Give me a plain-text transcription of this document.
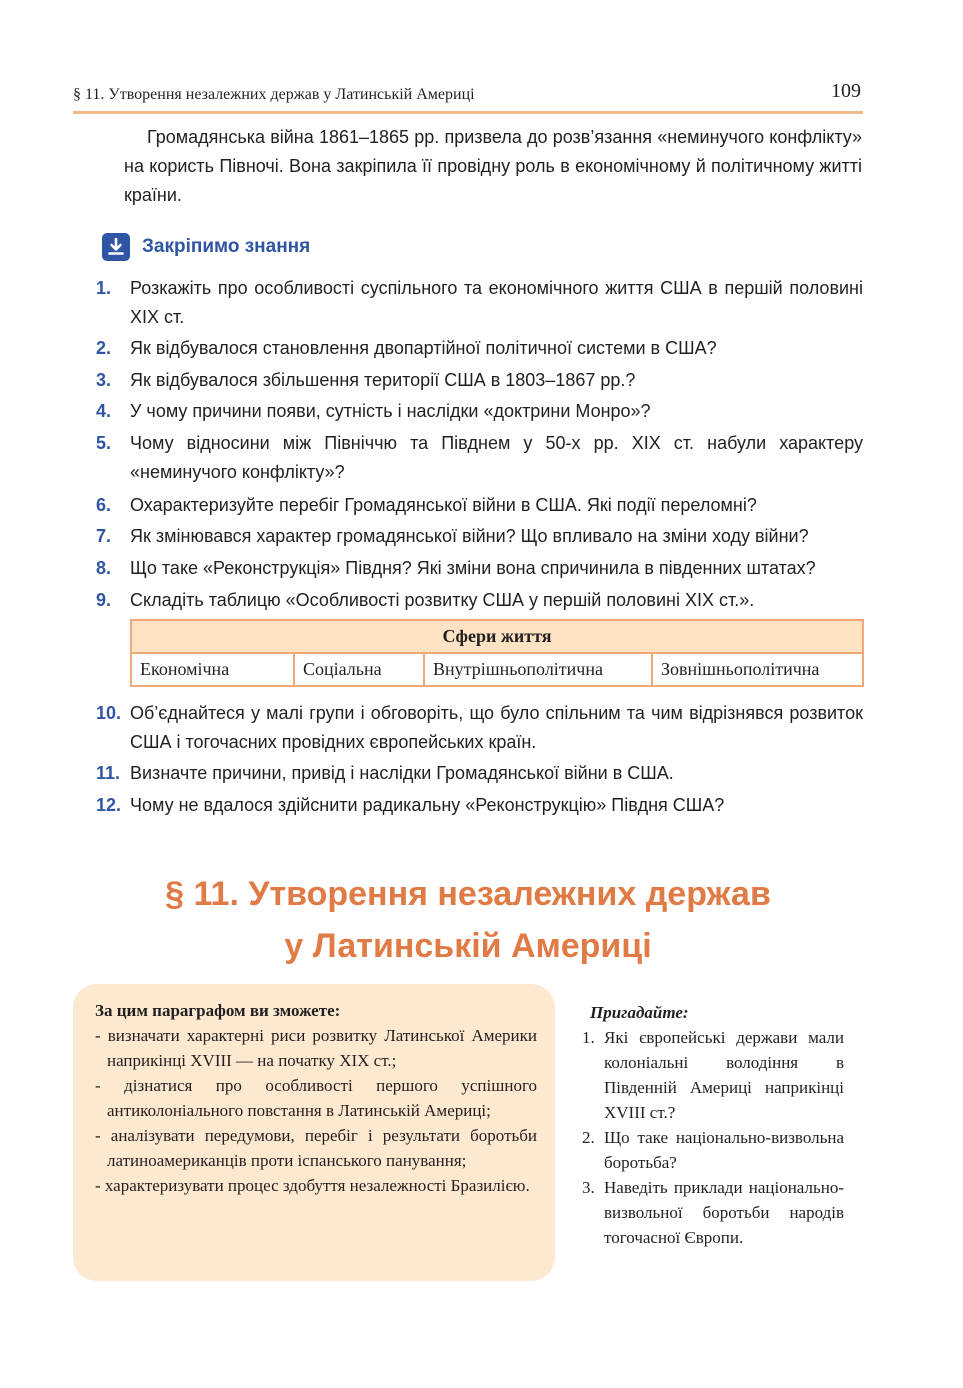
§ 11. Утворення незалежних держав у Латинській Америці	109

Громадянська війна 1861–1865 рр. призвела до розв’язання «неминучого конфлікту» на користь Півночі. Вона закріпила її провідну роль в економічному й політичному житті країни.

Закріпимо знання
1. Розкажіть про особливості суспільного та економічного життя США в першій половині XIX ст.
2. Як відбувалося становлення двопартійної політичної системи в США?
3. Як відбувалося збільшення території США в 1803–1867 рр.?
4. У чому причини появи, сутність і наслідки «доктрини Монро»?
5. Чому відносини між Північчю та Півднем у 50-х рр. XIX ст. набули характеру «неминучого конфлікту»?
6. Охарактеризуйте перебіг Громадянської війни в США. Які події переломні?
7. Як змінювався характер громадянської війни? Що впливало на зміни ходу війни?
8. Що таке «Реконструкція» Півдня? Які зміни вона спричинила в південних штатах?
9. Складіть таблицю «Особливості розвитку США у першій половині XIX ст.».
Сфери життя
Економічна	Соціальна	Внутрішньополітична	Зовнішньополітична
10. Об’єднайтеся у малі групи і обговоріть, що було спільним та чим відрізнявся розвиток США і тогочасних провідних європейських країн.
11. Визначте причини, привід і наслідки Громадянської війни в США.
12. Чому не вдалося здійснити радикальну «Реконструкцію» Півдня США?
§ 11. Утворення незалежних держав
у Латинській Америці
За цим параграфом ви зможете:
- визначати характерні риси розвитку Латинської Америки наприкінці XVIII — на початку XIX ст.;
- дізнатися про особливості першого успішного антиколоніального повстання в Латинській Америці;
- аналізувати передумови, перебіг і результати боротьби латиноамериканців проти іспанського панування;
- характеризувати процес здобуття незалежності Бразилією.
Пригадайте:
1. Які європейські держави мали колоніальні володіння в Південній Америці наприкінці XVIII ст.?
2. Що таке національно-визвольна боротьба?
3. Наведіть приклади національно-визвольної боротьби народів тогочасної Європи.
